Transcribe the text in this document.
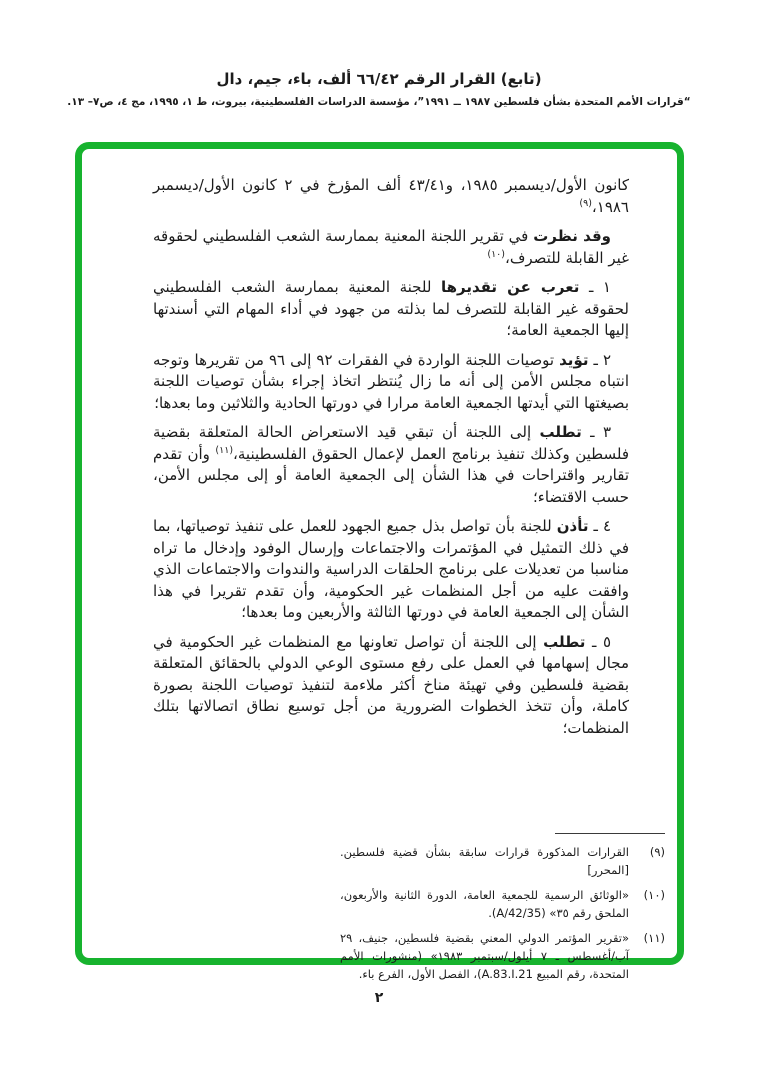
(تابع) القرار الرقم ٦٦/٤٢ ألف، باء، جيم، دال
“قرارات الأمم المتحدة بشأن فلسطين ١٩٨٧ ــ ١٩٩١”، مؤسسة الدراسات الفلسطينية، بيروت، ط ١، ١٩٩٥، مج ٤، ص٧– ١٣.

كانون الأول/ديسمبر ١٩٨٥، و٤٣/٤١ ألف المؤرخ في ٢ كانون الأول/ديسمبر ١٩٨٦،$^{(٩)}$

وقد نظرت في تقرير اللجنة المعنية بممارسة الشعب الفلسطيني لحقوقه غير القابلة للتصرف،$^{(١٠)}$

١ ـ تعرب عن تقديرها للجنة المعنية بممارسة الشعب الفلسطيني لحقوقه غير القابلة للتصرف لما بذلته من جهود في أداء المهام التي أسندتها إليها الجمعية العامة؛

٢ ـ تؤيد توصيات اللجنة الواردة في الفقرات ٩٢ إلى ٩٦ من تقريرها وتوجه انتباه مجلس الأمن إلى أنه ما زال يُنتظر اتخاذ إجراء بشأن توصيات اللجنة بصيغتها التي أيدتها الجمعية العامة مرارا في دورتها الحادية والثلاثين وما بعدها؛

٣ ـ تطلب إلى اللجنة أن تبقي قيد الاستعراض الحالة المتعلقة بقضية فلسطين وكذلك تنفيذ برنامج العمل لإعمال الحقوق الفلسطينية،$^{(١١)}$ وأن تقدم تقارير واقتراحات في هذا الشأن إلى الجمعية العامة أو إلى مجلس الأمن، حسب الاقتضاء؛

٤ ـ تأذن للجنة بأن تواصل بذل جميع الجهود للعمل على تنفيذ توصياتها، بما في ذلك التمثيل في المؤتمرات والاجتماعات وإرسال الوفود وإدخال ما تراه مناسبا من تعديلات على برنامج الحلقات الدراسية والندوات والاجتماعات الذي وافقت عليه من أجل المنظمات غير الحكومية، وأن تقدم تقريرا في هذا الشأن إلى الجمعية العامة في دورتها الثالثة والأربعين وما بعدها؛

٥ ـ تطلب إلى اللجنة أن تواصل تعاونها مع المنظمات غير الحكومية في مجال إسهامها في العمل على رفع مستوى الوعي الدولي بالحقائق المتعلقة بقضية فلسطين وفي تهيئة مناخ أكثر ملاءمة لتنفيذ توصيات اللجنة بصورة كاملة، وأن تتخذ الخطوات الضرورية من أجل توسيع نطاق اتصالاتها بتلك المنظمات؛

(٩)
القرارات المذكورة قرارات سابقة بشأن قضية فلسطين. [المحرر]
(١٠)
«الوثائق الرسمية للجمعية العامة، الدورة الثانية والأربعون، الملحق رقم ٣٥» (A/42/35).
(١١)
«تقرير المؤتمر الدولي المعني بقضية فلسطين، جنيف، ٢٩ آب/أغسطس ـ ٧ أيلول/سبتمبر ١٩٨٣» (منشورات الأمم المتحدة، رقم المبيع A.83.I.21)، الفصل الأول، الفرع باء.
٢
